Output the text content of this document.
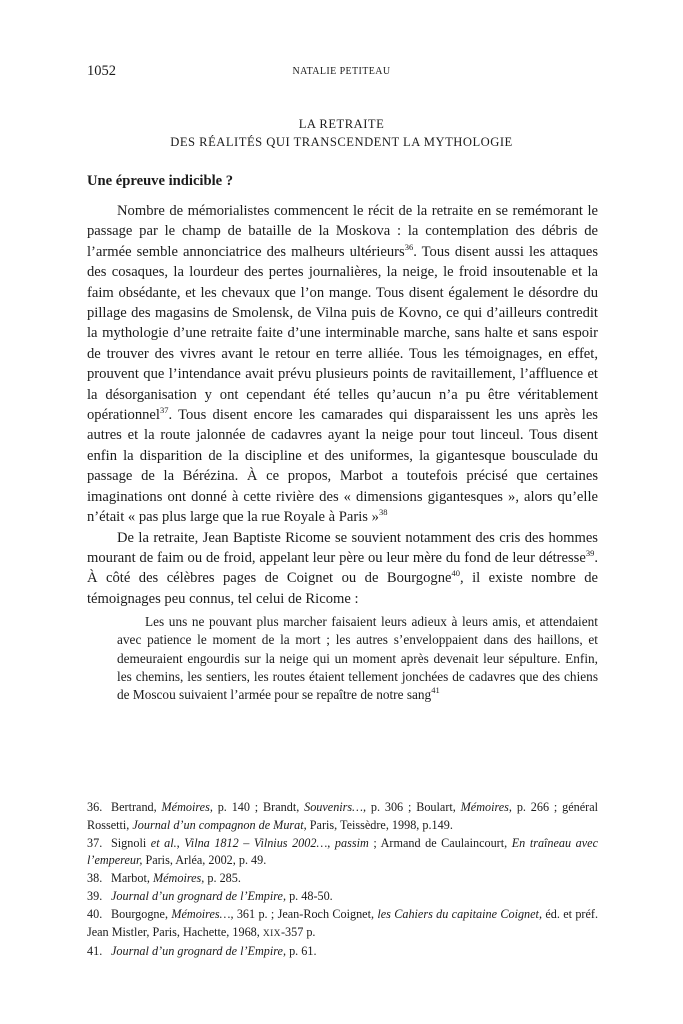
1052	NATALIE PETITEAU
LA RETRAITE
DES RÉALITÉS QUI TRANSCENDENT LA MYTHOLOGIE
Une épreuve indicible ?

Nombre de mémorialistes commencent le récit de la retraite en se remémorant le passage par le champ de bataille de la Moskova : la contemplation des débris de l’armée semble annonciatrice des malheurs ultérieurs$^{36}$. Tous disent aussi les attaques des cosaques, la lourdeur des pertes journalières, la neige, le froid insoutenable et la faim obsédante, et les chevaux que l’on mange. Tous disent également le désordre du pillage des magasins de Smolensk, de Vilna puis de Kovno, ce qui d’ailleurs contredit la mythologie d’une retraite faite d’une interminable marche, sans halte et sans espoir de trouver des vivres avant le retour en terre alliée. Tous les témoignages, en effet, prouvent que l’intendance avait prévu plusieurs points de ravitaillement, l’affluence et la désorganisation y ont cependant été telles qu’aucun n’a pu être véritablement opérationnel$^{37}$. Tous disent encore les camarades qui disparaissent les uns après les autres et la route jalonnée de cadavres ayant la neige pour tout linceul. Tous disent enfin la disparition de la discipline et des uniformes, la gigantesque bousculade du passage de la Bérézina. À ce propos, Marbot a toutefois précisé que certaines imaginations ont donné à cette rivière des « dimensions gigantesques », alors qu’elle n’était « pas plus large que la rue Royale à Paris »$^{38}$

De la retraite, Jean Baptiste Ricome se souvient notamment des cris des hommes mourant de faim ou de froid, appelant leur père ou leur mère du fond de leur détresse$^{39}$. À côté des célèbres pages de Coignet ou de Bourgogne$^{40}$, il existe nombre de témoignages peu connus, tel celui de Ricome :

Les uns ne pouvant plus marcher faisaient leurs adieux à leurs amis, et attendaient avec patience le moment de la mort ; les autres s’enveloppaient dans des haillons, et demeuraient engourdis sur la neige qui un moment après devenait leur sépulture. Enfin, les chemins, les sentiers, les routes étaient tellement jonchées de cadavres que des chiens de Moscou suivaient l’armée pour se repaître de notre sang$^{41}$

36. Bertrand, Mémoires, p. 140 ; Brandt, Souvenirs…, p. 306 ; Boulart, Mémoires, p. 266 ; général Rossetti, Journal d’un compagnon de Murat, Paris, Teissèdre, 1998, p.149.

37. Signoli et al., Vilna 1812 – Vilnius 2002…, passim ; Armand de Caulaincourt, En traîneau avec l’empereur, Paris, Arléa, 2002, p. 49.

38. Marbot, Mémoires, p. 285.

39. Journal d’un grognard de l’Empire, p. 48-50.

40. Bourgogne, Mémoires…, 361 p. ; Jean-Roch Coignet, les Cahiers du capitaine Coignet, éd. et préf. Jean Mistler, Paris, Hachette, 1968, XIX-357 p.

41. Journal d’un grognard de l’Empire, p. 61.
